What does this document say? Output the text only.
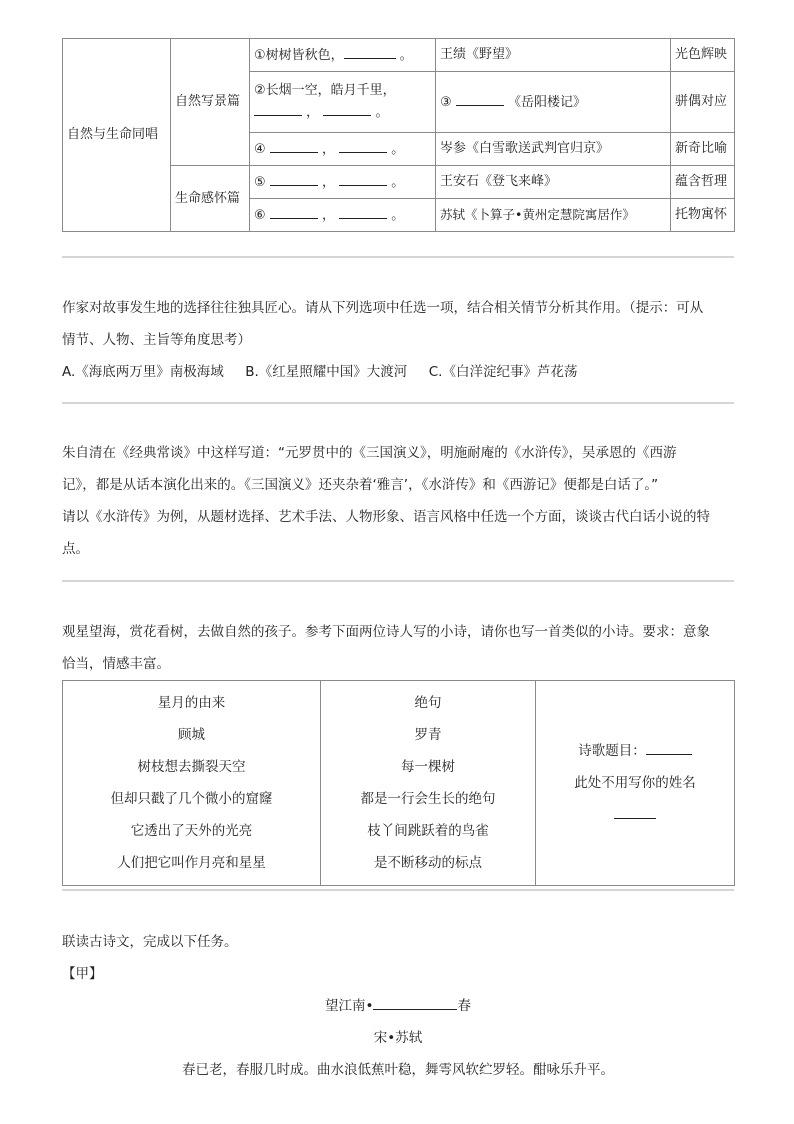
自然与生命同唱	自然写景篇	①树树皆秋色， 。	王绩《野望》	光色辉映

		②长烟一空，皓月千里，
， 。	③ 《岳阳楼记》	骈偶对应

		④ ， 。	岑参《白雪歌送武判官归京》	新奇比喻
	生命感怀篇	⑤ ， 。	王安石《登飞来峰》	蕴含哲理
		⑥ ， 。	苏轼《卜算子•黄州定慧院寓居作》	托物寓怀
作家对故事发生地的选择往往独具匠心。请从下列选项中任选一项，结合相关情节分析其作用。（提示：可从
情节、人物、主旨等角度思考）
A.《海底两万里》南极海域     B.《红星照耀中国》大渡河     C.《白洋淀纪事》芦花荡
朱自清在《经典常谈》中这样写道：“元罗贯中的《三国演义》，明施耐庵的《水浒传》，吴承恩的《西游
记》，都是从话本演化出来的。《三国演义》还夹杂着‘雅言’，《水浒传》和《西游记》便都是白话了。”
请以《水浒传》为例，从题材选择、艺术手法、人物形象、语言风格中任选一个方面，谈谈古代白话小说的特
点。
观星望海，赏花看树，去做自然的孩子。参考下面两位诗人写的小诗，请你也写一首类似的小诗。要求：意象
恰当，情感丰富。
星月的由来
顾城
树枝想去撕裂天空
但却只戳了几个微小的窟窿
它透出了天外的光亮
人们把它叫作月亮和星星

绝句
罗青
每一棵树
都是一行会生长的绝句
枝丫间跳跃着的鸟雀
是不断移动的标点

诗歌题目：
此处不用写你的姓名
联读古诗文，完成以下任务。
【甲】
望江南•	春
宋•苏轼
春已老，春服几时成。曲水浪低蕉叶稳，舞雩风软纻罗轻。酣咏乐升平。
